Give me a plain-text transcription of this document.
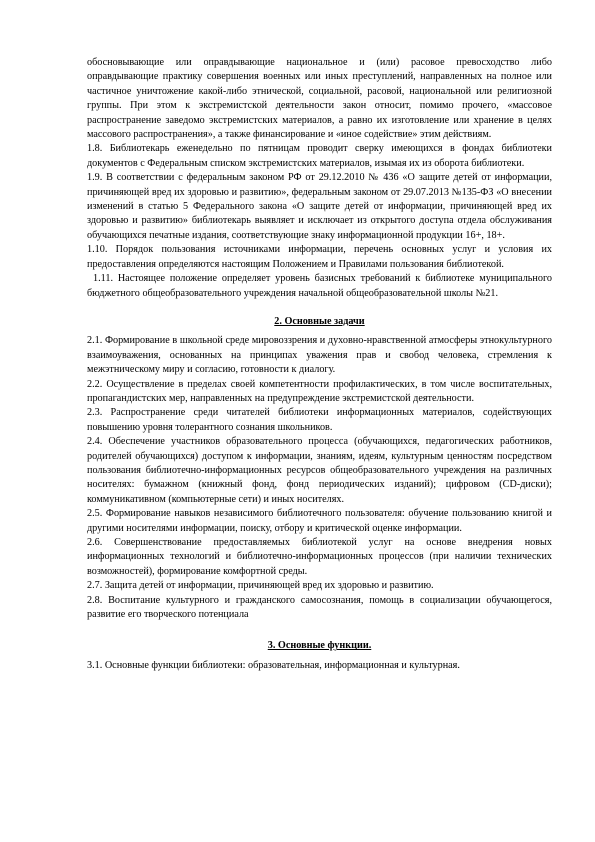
обосновывающие или оправдывающие национальное и (или) расовое превосходство либо оправдывающие практику совершения военных или иных преступлений, направленных на полное или частичное уничтожение какой-либо этнической, социальной, расовой, национальной или религиозной группы. При этом к экстремистской деятельности закон относит, помимо прочего, «массовое распространение заведомо экстремистских материалов, а равно их изготовление или хранение в целях массового распространения», а также финансирование и «иное содействие» этим действиям.

1.8. Библиотекарь еженедельно по пятницам проводит сверку имеющихся в фондах библиотеки документов с Федеральным списком экстремистских материалов, изымая их из оборота библиотеки.

1.9. В соответствии с федеральным законом РФ от 29.12.2010 № 436 «О защите детей от информации, причиняющей вред их здоровью и развитию», федеральным законом от 29.07.2013 №135-ФЗ «О внесении изменений в статью 5 Федерального закона «О защите детей от информации, причиняющей вред их здоровью и развитию» библиотекарь выявляет и исключает из открытого доступа отдела обслуживания обучающихся печатные издания, соответствующие знаку информационной продукции 16+, 18+.

1.10. Порядок пользования источниками информации, перечень основных услуг и условия их предоставления определяются настоящим Положением и Правилами пользования библиотекой.

1.11. Настоящее положение определяет уровень базисных требований к библиотеке муниципального бюджетного общеобразовательного учреждения начальной общеобразовательной школы №21.

2. Основные задачи

2.1. Формирование в школьной среде мировоззрения и духовно-нравственной атмосферы этнокультурного взаимоуважения, основанных на принципах уважения прав и свобод человека, стремления к межэтническому миру и согласию, готовности к диалогу.

2.2. Осуществление в пределах своей компетентности профилактических, в том числе воспитательных, пропагандистских мер, направленных на предупреждение экстремистской деятельности.

2.3. Распространение среди читателей библиотеки информационных материалов, содействующих повышению уровня толерантного сознания школьников.

2.4. Обеспечение участников образовательного процесса (обучающихся, педагогических работников, родителей обучающихся) доступом к информации, знаниям, идеям, культурным ценностям посредством пользования библиотечно-информационных ресурсов общеобразовательного учреждения на различных носителях: бумажном (книжный фонд, фонд периодических изданий); цифровом (CD-диски); коммуникативном (компьютерные сети) и иных носителях.

2.5. Формирование навыков независимого библиотечного пользователя: обучение пользованию книгой и другими носителями информации, поиску, отбору и критической оценке информации.

2.6. Совершенствование предоставляемых библиотекой услуг на основе внедрения новых информационных технологий и библиотечно-информационных процессов (при наличии технических возможностей), формирование комфортной среды.

2.7. Защита детей от информации, причиняющей вред их здоровью и развитию.

2.8. Воспитание культурного и гражданского самосознания, помощь в социализации обучающегося, развитие его творческого потенциала

3. Основные функции.

3.1. Основные функции библиотеки: образовательная, информационная и культурная.
